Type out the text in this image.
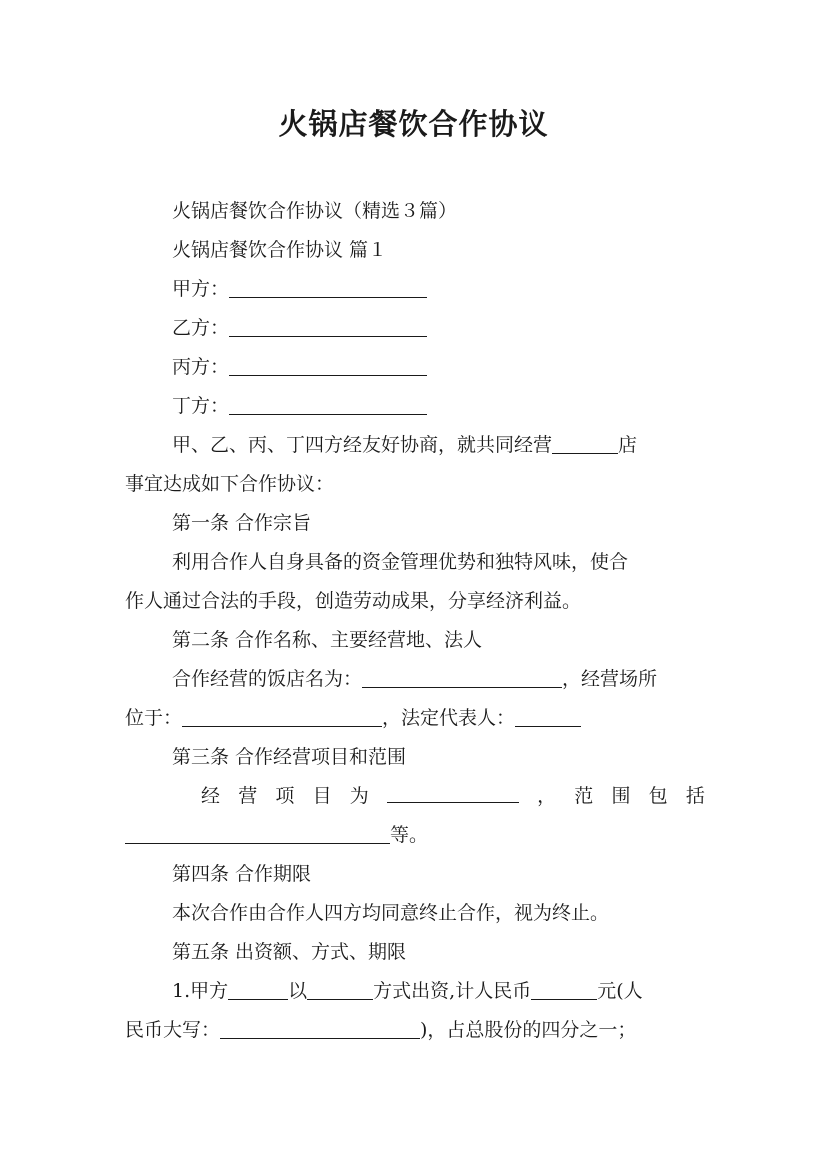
火锅店餐饮合作协议
火锅店餐饮合作协议（精选３篇）
火锅店餐饮合作协议 篇１
甲方：
乙方：
丙方：
丁方：
甲、乙、丙、丁四方经友好协商，就共同经营	店
事宜达成如下合作协议：
第一条 合作宗旨
利用合作人自身具备的资金管理优势和独特风味，使合
作人通过合法的手段，创造劳动成果，分享经济利益。
第二条 合作名称、主要经营地、法人
合作经营的饭店名为：	，经营场所
位于：	，法定代表人：
第三条 合作经营项目和范围
经 营 项 目 为	， 范 围 包 括
等。
第四条 合作期限
本次合作由合作人四方均同意终止合作，视为终止。
第五条 出资额、方式、期限
1.甲方	以	方式出资,计人民币	元(人
民币大写：	)，占总股份的四分之一；
